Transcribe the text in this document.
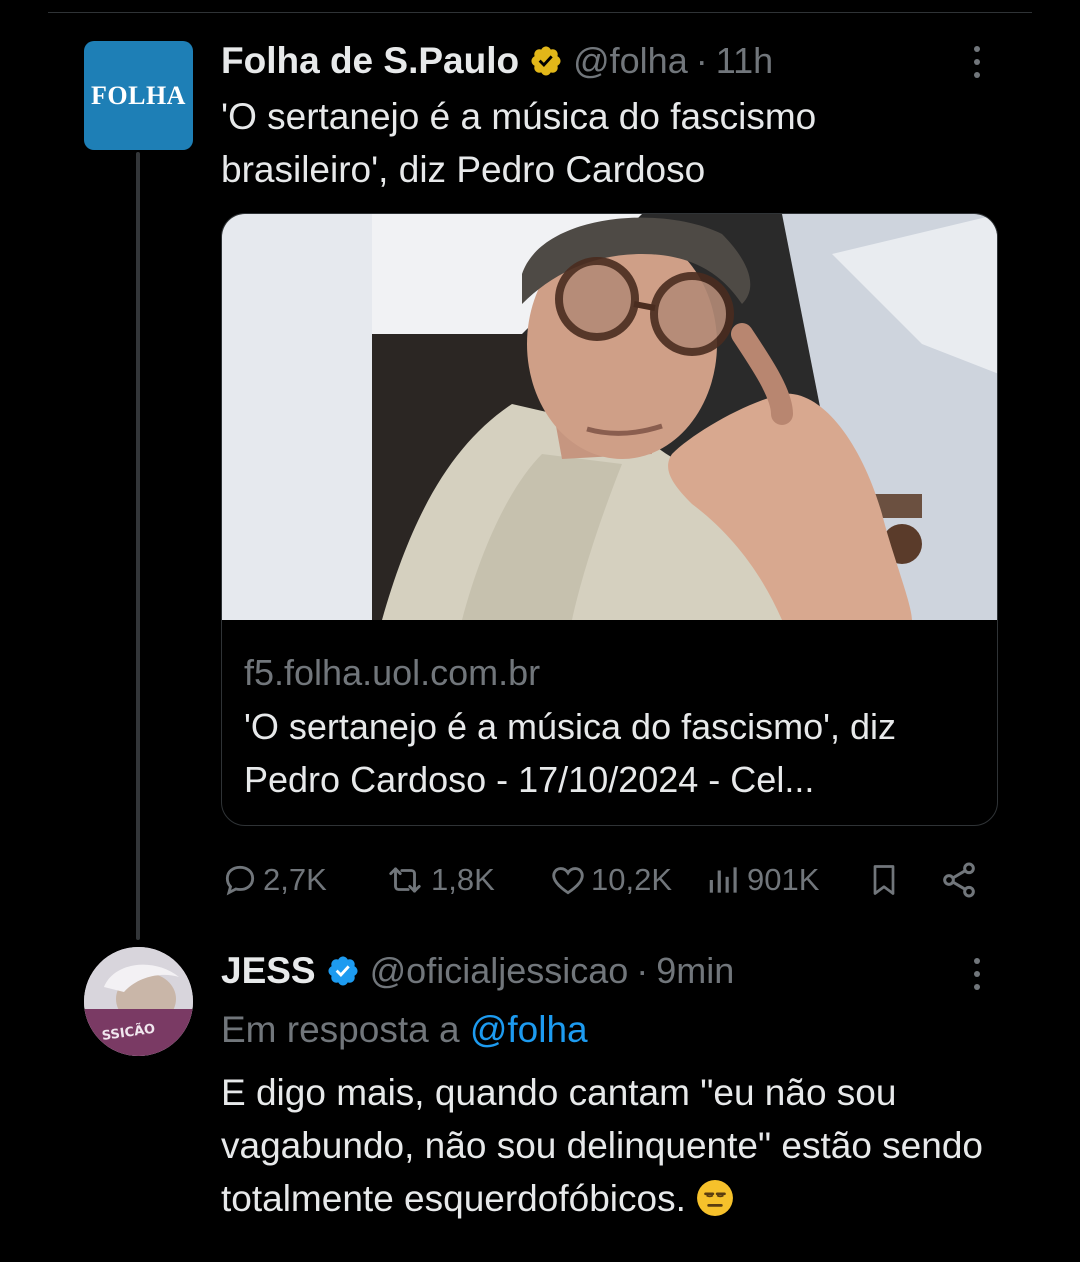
FOLHA
Folha de S.Paulo @folha · 11h
'O sertanejo é a música do fascismo brasileiro', diz Pedro Cardoso
f5.folha.uol.com.br
'O sertanejo é a música do fascismo', diz Pedro Cardoso - 17/10/2024 - Cel...
2,7K	1,8K	10,2K 901K
SSICÃO
JESS @oficialjessicao · 9min
Em resposta a @folha
E digo mais, quando cantam "eu não sou vagabundo, não sou delinquente" estão sendo totalmente esquerdofóbicos.
